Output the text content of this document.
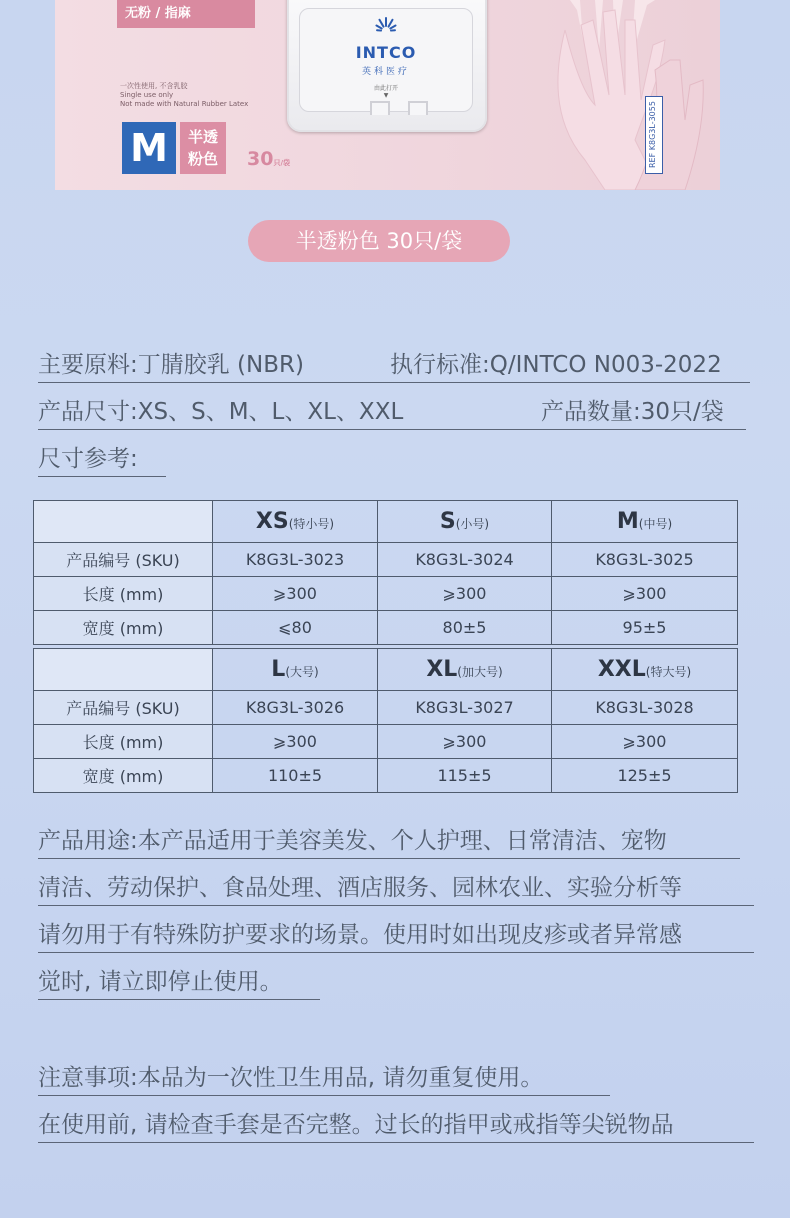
无粉 / 指麻
一次性使用, 不含乳胶
Single use only
Not made with Natural Rubber Latex
M	半透
粉色	30只/袋
INTCO
英科医疗
由此打开
▼
REF K8G3L-3055
半透粉色 30只/袋
主要原料:丁腈胶乳 (NBR)	执行标准:Q/INTCO N003-2022
产品尺寸:XS、S、M、L、XL、XXL	产品数量:30只/袋
尺寸参考:
	XS(特小号)	S(小号)	M(中号)
产品编号 (SKU)	K8G3L-3023	K8G3L-3024	K8G3L-3025
长度 (mm)	⩾300	⩾300	⩾300
宽度 (mm)	⩽80	80±5	95±5
	L(大号)	XL(加大号)	XXL(特大号)
产品编号 (SKU)	K8G3L-3026	K8G3L-3027	K8G3L-3028
长度 (mm)	⩾300	⩾300	⩾300
宽度 (mm)	110±5	115±5	125±5
产品用途:本产品适用于美容美发、个人护理、日常清洁、宠物
清洁、劳动保护、食品处理、酒店服务、园林农业、实验分析等
请勿用于有特殊防护要求的场景。使用时如出现皮疹或者异常感
觉时, 请立即停止使用。
注意事项:本品为一次性卫生用品, 请勿重复使用。
在使用前, 请检查手套是否完整。过长的指甲或戒指等尖锐物品
